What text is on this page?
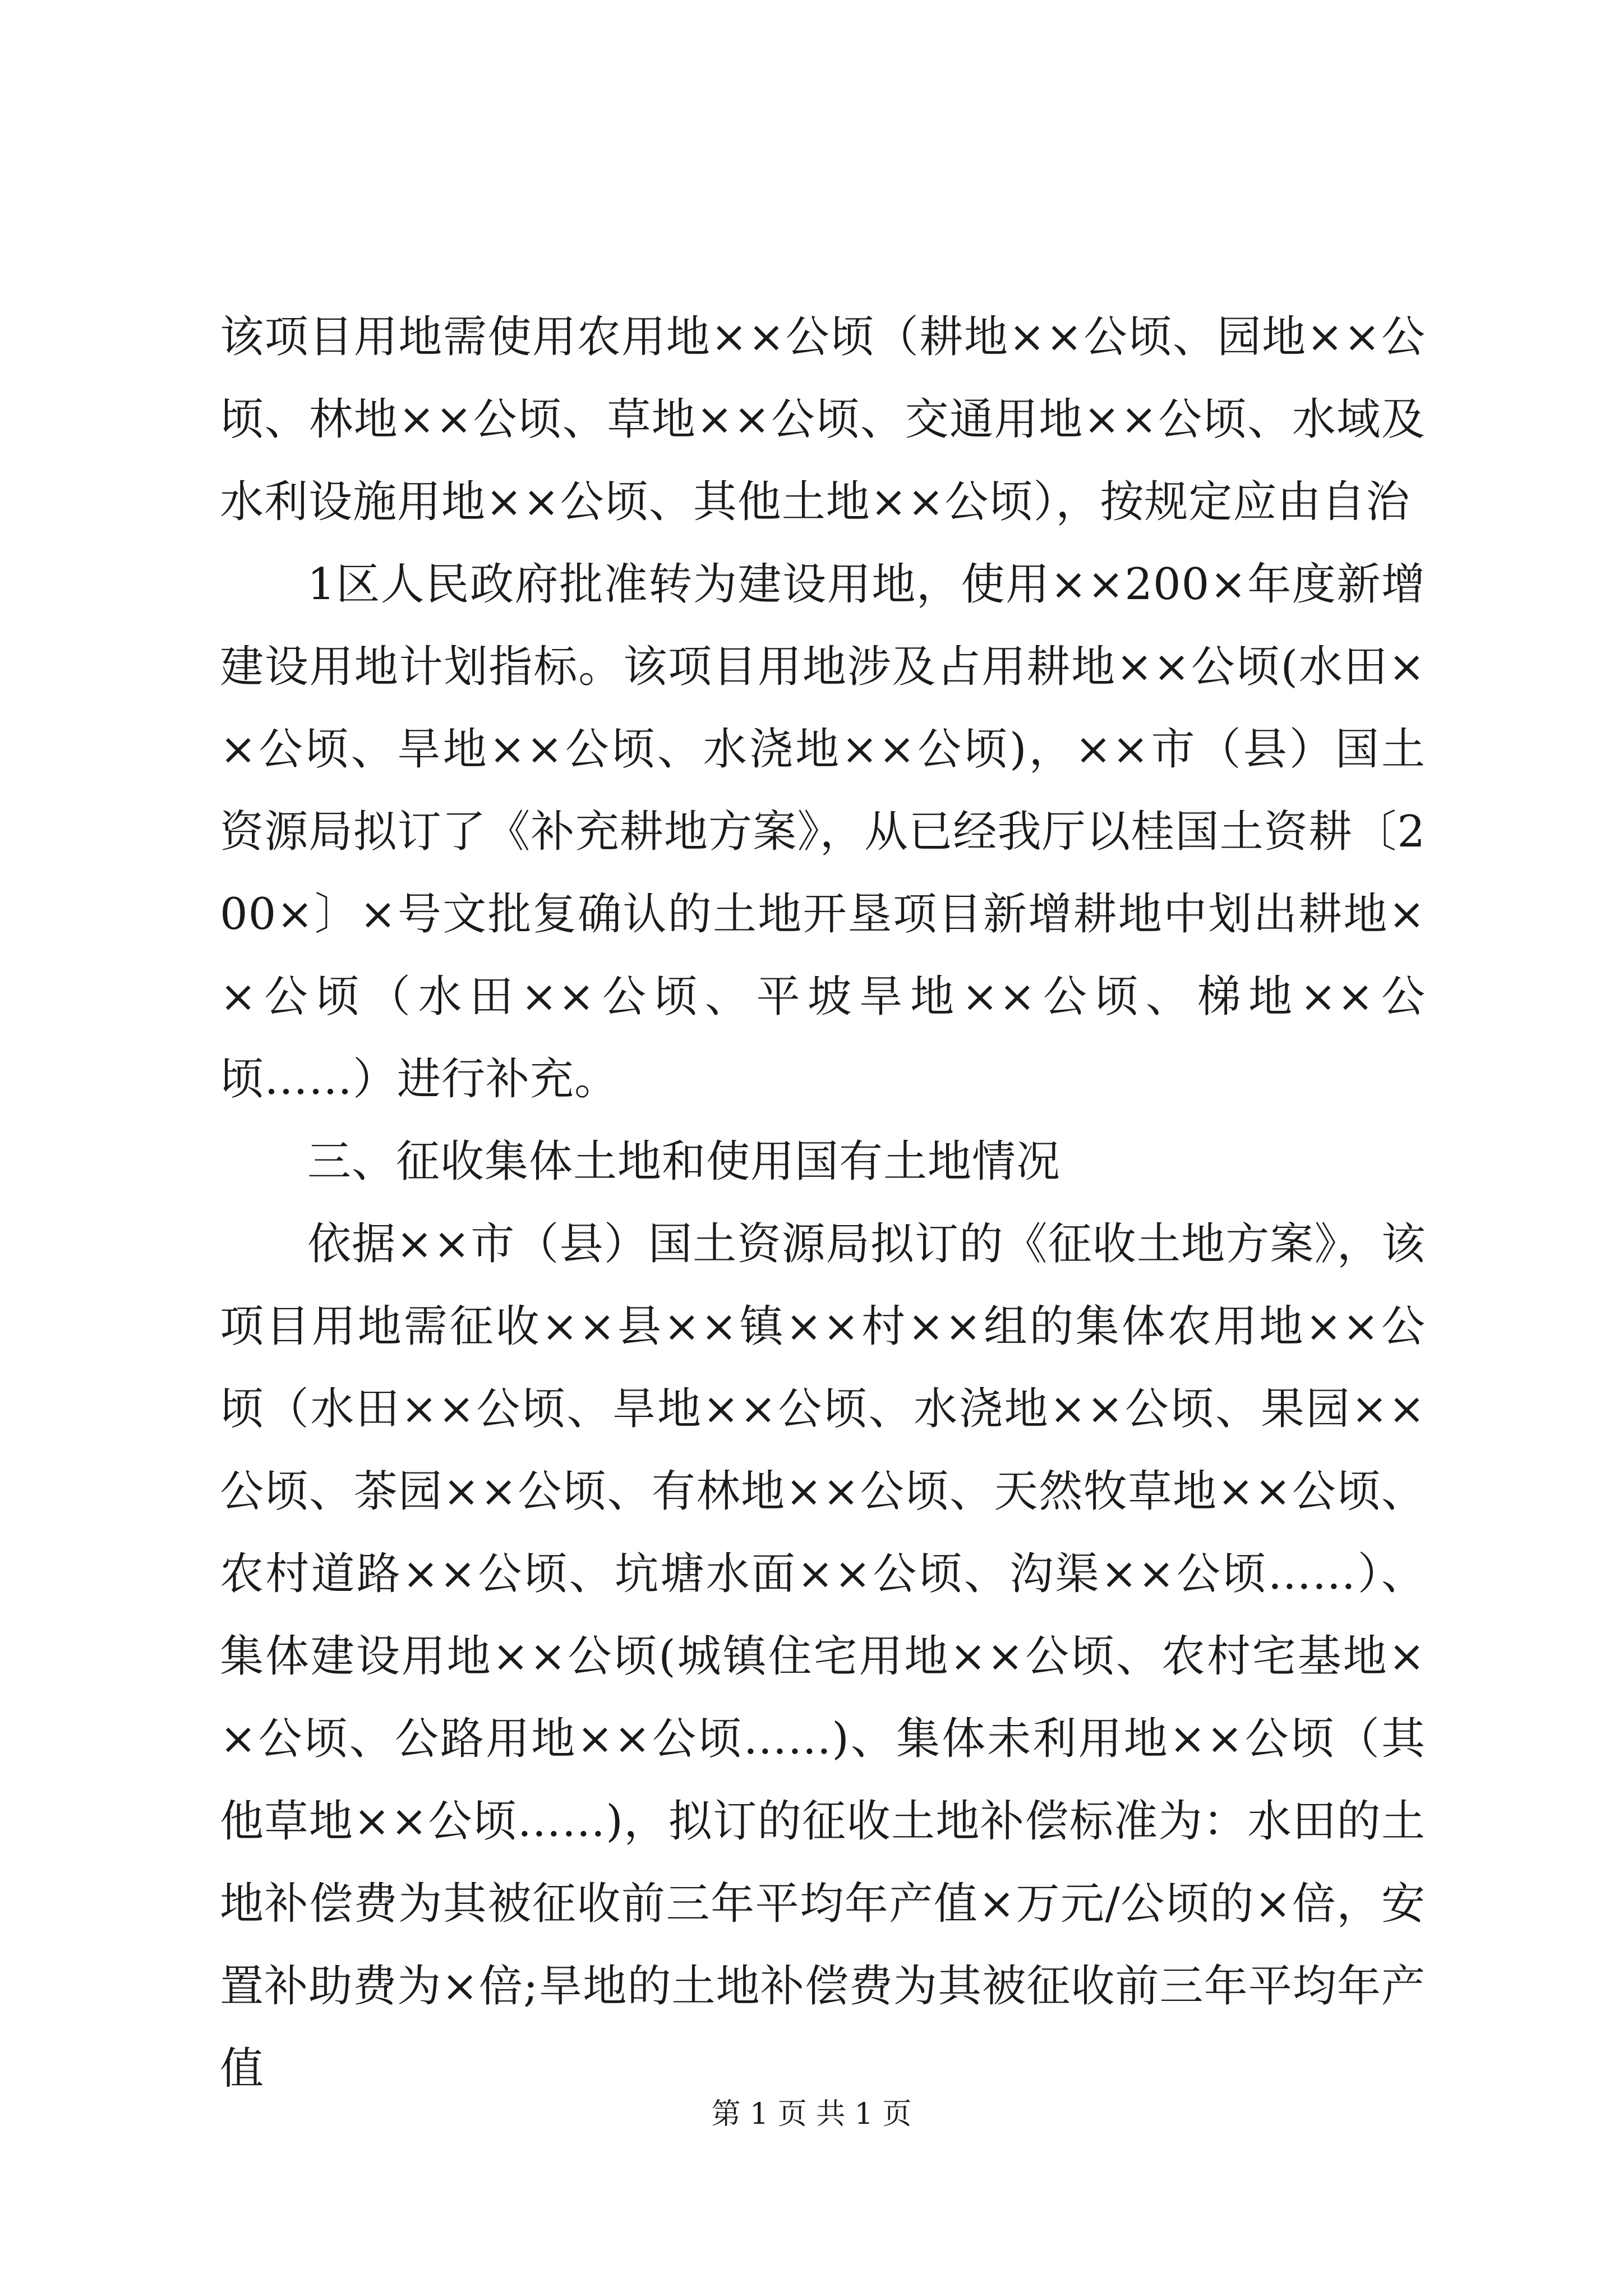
该项目用地需使用农用地××公顷（耕地××公顷、园地××公顷、林地××公顷、草地××公顷、交通用地××公顷、水域及水利设施用地××公顷、其他土地××公顷），按规定应由自治

1区人民政府批准转为建设用地，使用××200×年度新增建设用地计划指标。该项目用地涉及占用耕地××公顷(水田××公顷、旱地××公顷、水浇地××公顷)，××市（县）国土资源局拟订了《补充耕地方案》，从已经我厅以桂国土资耕〔200×〕×号文批复确认的土地开垦项目新增耕地中划出耕地××公顷（水田××公顷、平坡旱地××公顷、梯地××公顷……）进行补充。

三、征收集体土地和使用国有土地情况

依据××市（县）国土资源局拟订的《征收土地方案》，该项目用地需征收××县××镇××村××组的集体农用地××公顷（水田××公顷、旱地××公顷、水浇地××公顷、果园××公顷、茶园××公顷、有林地××公顷、天然牧草地××公顷、农村道路××公顷、坑塘水面××公顷、沟渠××公顷……）、集体建设用地××公顷(城镇住宅用地××公顷、农村宅基地××公顷、公路用地××公顷……)、集体未利用地××公顷（其他草地××公顷……)，拟订的征收土地补偿标准为：水田的土地补偿费为其被征收前三年平均年产值×万元/公顷的×倍，安置补助费为×倍;旱地的土地补偿费为其被征收前三年平均年产值

第 1 页 共 1 页
